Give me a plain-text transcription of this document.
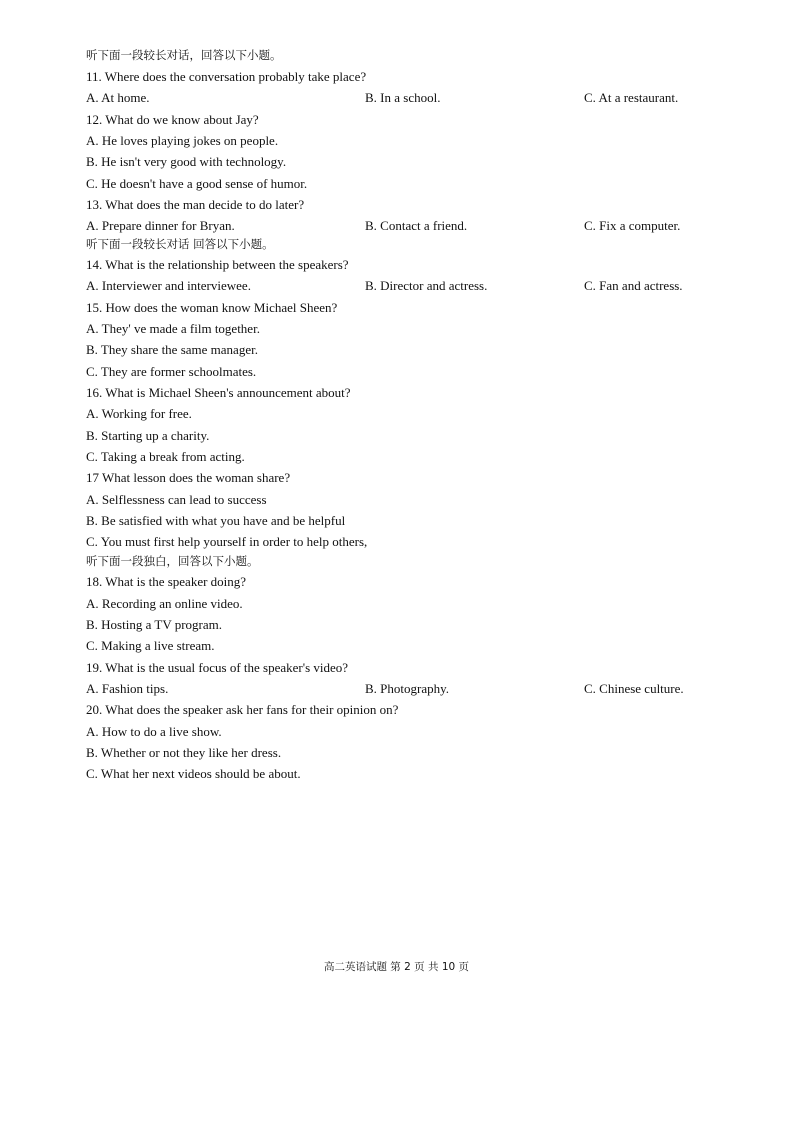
听下面一段较长对话，回答以下小题。
11. Where does the conversation probably take place?
A. At home.	B. In a school.	C. At a restaurant.
12. What do we know about Jay?
A. He loves playing jokes on people.
B. He isn't very good with technology.
C. He doesn't have a good sense of humor.
13. What does the man decide to do later?
A. Prepare dinner for Bryan.	B. Contact a friend.	C. Fix a computer.
听下面一段较长对话 回答以下小题。
14. What is the relationship between the speakers?
A. Interviewer and interviewee.	B. Director and actress.	C. Fan and actress.
15. How does the woman know Michael Sheen?
A. They' ve made a film together.
B. They share the same manager.
C. They are former schoolmates.
16. What is Michael Sheen's announcement about?
A. Working for free.
B. Starting up a charity.
C. Taking a break from acting.
17 What lesson does the woman share?
A. Selflessness can lead to success
B. Be satisfied with what you have and be helpful
C. You must first help yourself in order to help others,
听下面一段独白，回答以下小题。
18. What is the speaker doing?
A. Recording an online video.
B. Hosting a TV program.
C. Making a live stream.
19. What is the usual focus of the speaker's video?
A. Fashion tips.	B. Photography.	C. Chinese culture.
20. What does the speaker ask her fans for their opinion on?
A. How to do a live show.
B. Whether or not they like her dress.
C. What her next videos should be about.
高二英语试题 第 2 页 共 10 页
